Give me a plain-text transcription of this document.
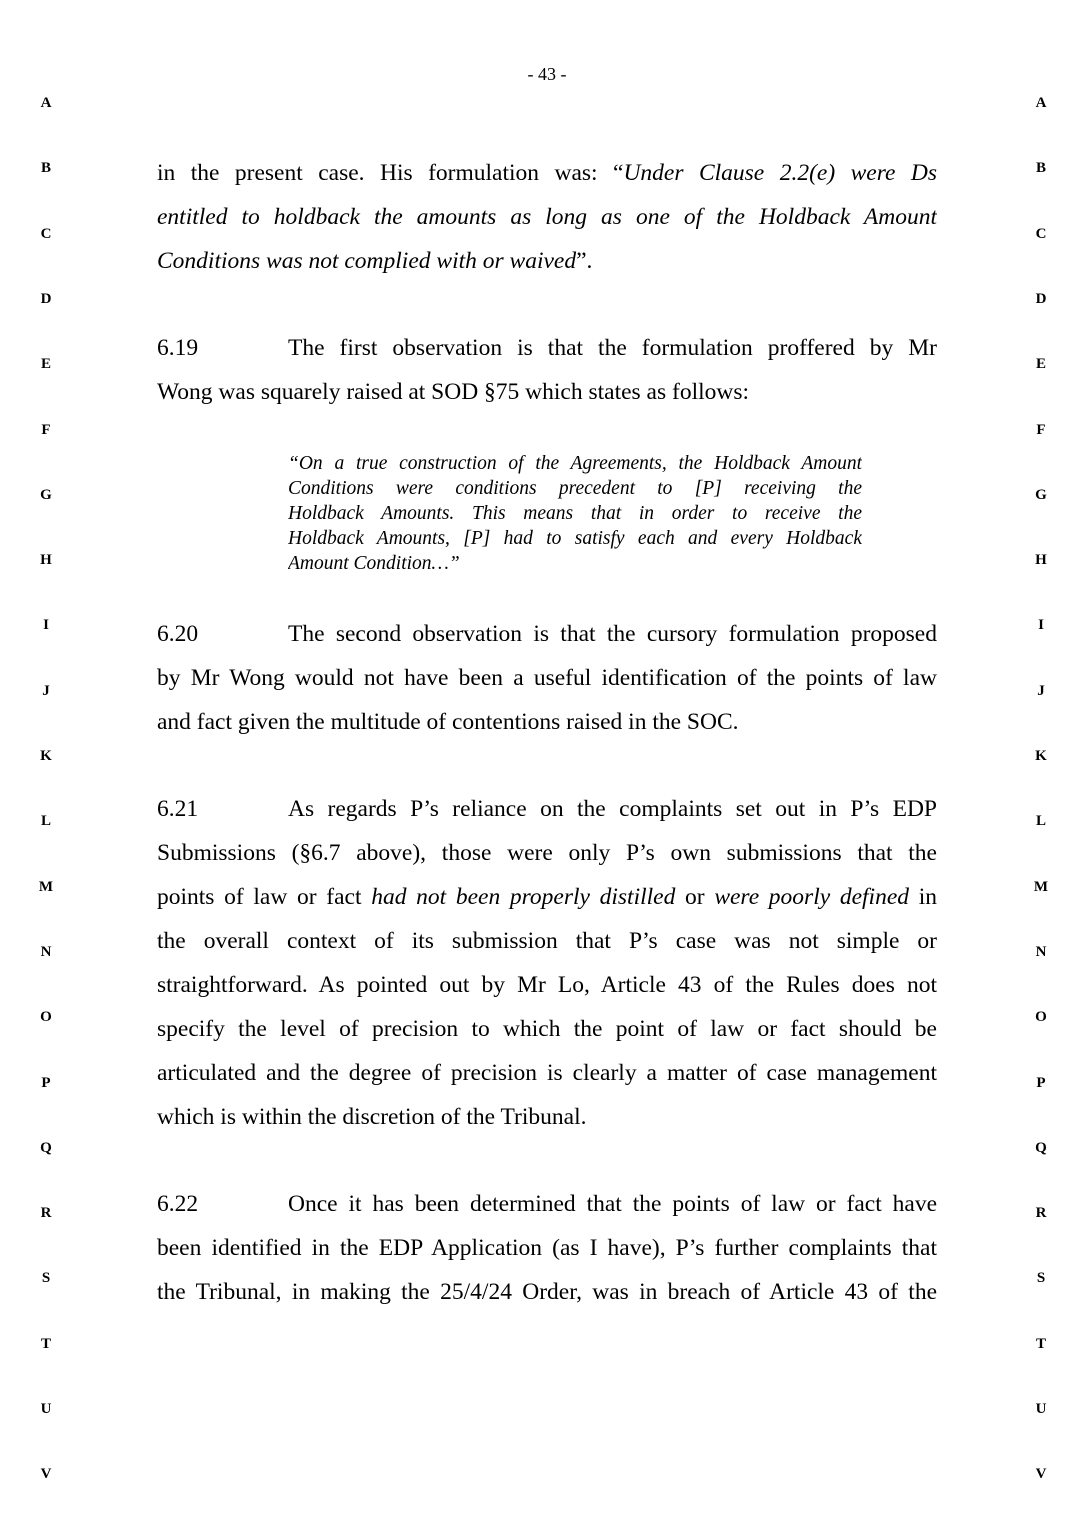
- 43 -
A	A
B	B
C	C
D	D
E	E
F	F
G	G
H	H
I	I
J	J
K	K
L	L
M	M
N	N
O	O
P	P
Q	Q
R	R
S	S
T	T
U	U
V	V
in the present case. His formulation was: “Under Clause 2.2(e) were Ds
entitled to holdback the amounts as long as one of the Holdback Amount
Conditions was not complied with or waived”.
6.19	The first observation is that the formulation proffered by Mr
Wong was squarely raised at SOD §75 which states as follows:
“On a true construction of the Agreements, the Holdback Amount
Conditions were conditions precedent to [P] receiving the
Holdback Amounts. This means that in order to receive the
Holdback Amounts, [P] had to satisfy each and every Holdback
Amount Condition…”
6.20	The second observation is that the cursory formulation proposed
by Mr Wong would not have been a useful identification of the points of law
and fact given the multitude of contentions raised in the SOC.
6.21	As regards P’s reliance on the complaints set out in P’s EDP
Submissions (§6.7 above), those were only P’s own submissions that the
points of law or fact had not been properly distilled or were poorly defined in
the overall context of its submission that P’s case was not simple or
straightforward. As pointed out by Mr Lo, Article 43 of the Rules does not
specify the level of precision to which the point of law or fact should be
articulated and the degree of precision is clearly a matter of case management
which is within the discretion of the Tribunal.
6.22	Once it has been determined that the points of law or fact have
been identified in the EDP Application (as I have), P’s further complaints that
the Tribunal, in making the 25/4/24 Order, was in breach of Article 43 of the
